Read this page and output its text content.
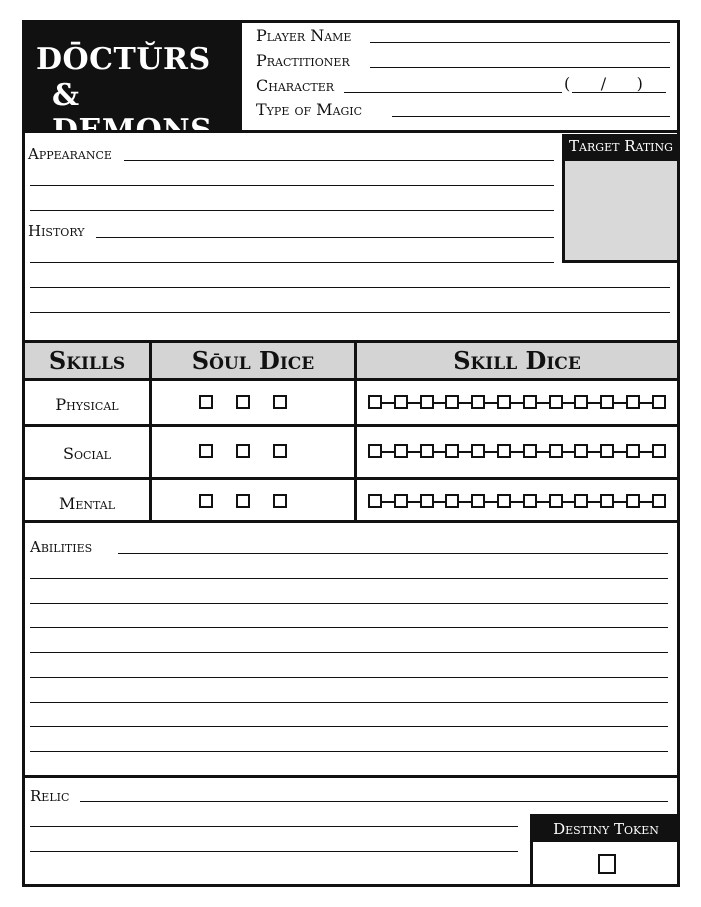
DŌCTŬRS
& DEMONS
Player Name
Practitioner
Character	(      /      )
Type of Magic
Appearance
History
Target Rating
Skills	Sōul Dice	Skill Dice
Physical
Social
Mental
Abilities
Relic
Destiny Token
